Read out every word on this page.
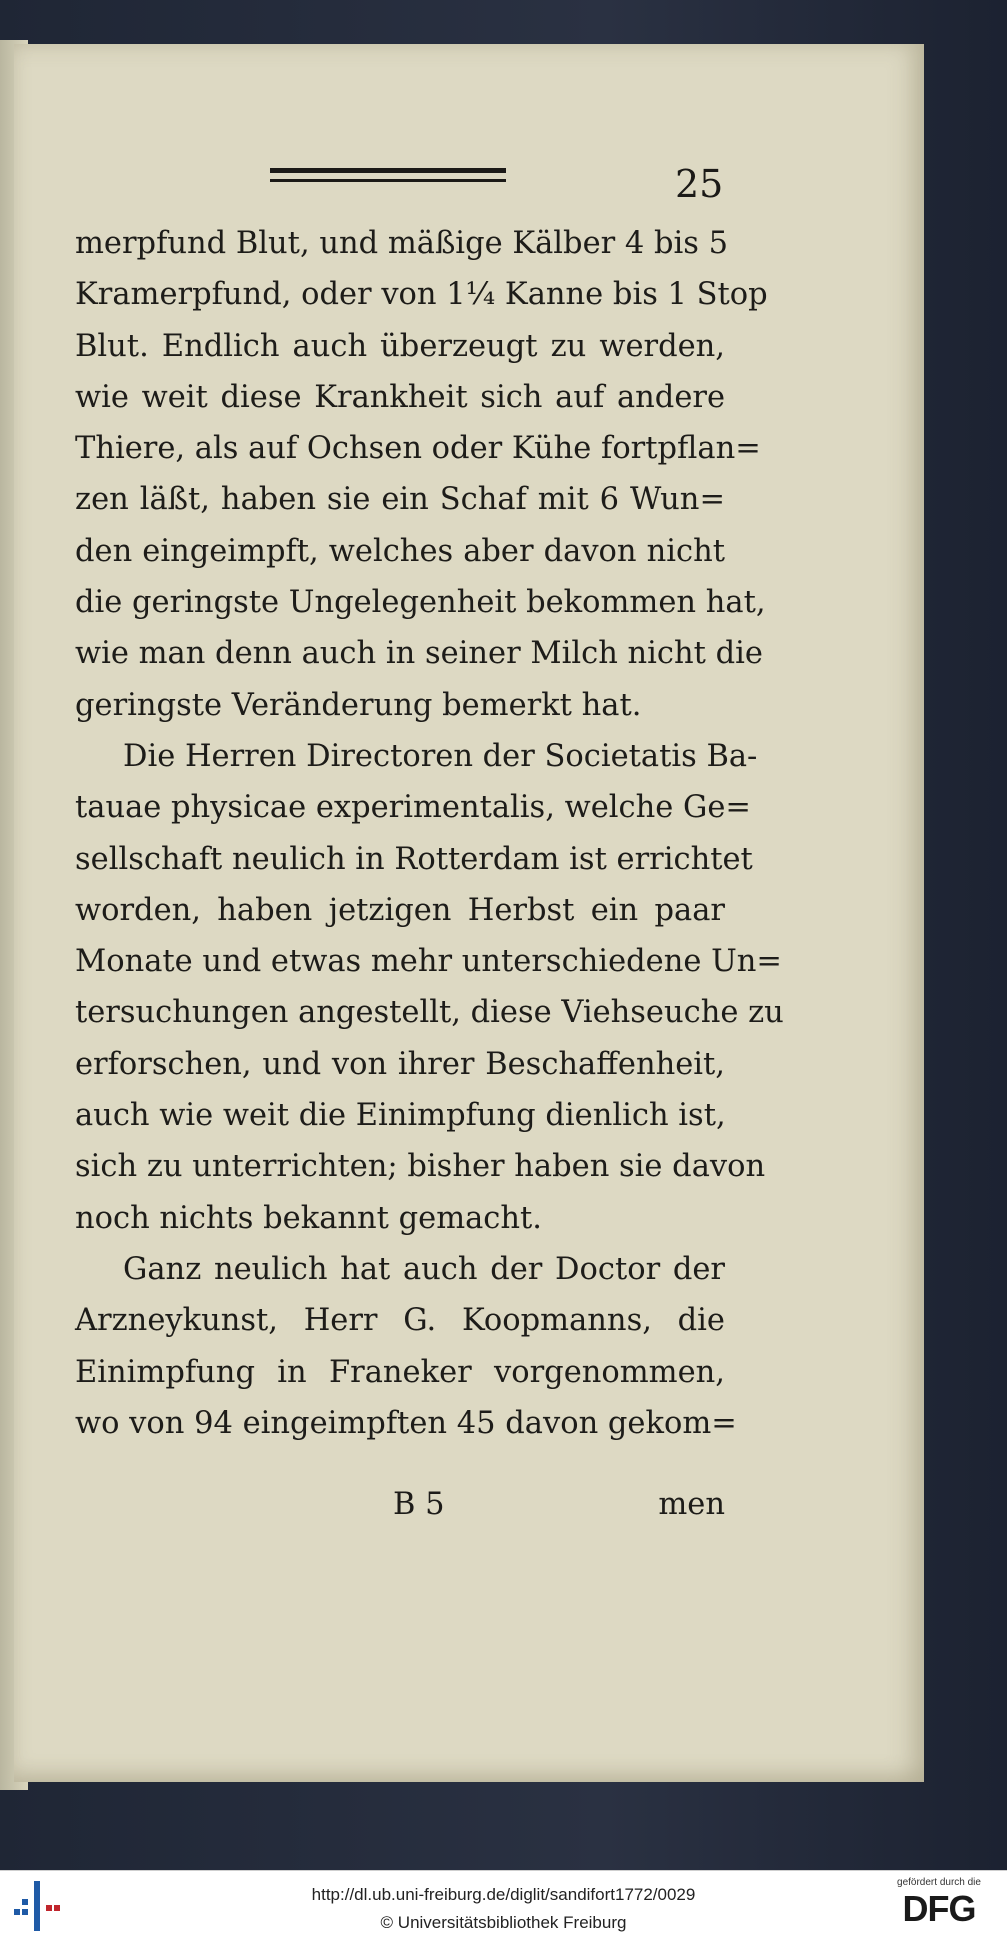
25
merpfund Blut, und mäßige Kälber 4 bis 5
Kramerpfund, oder von 1¼ Kanne bis 1 Stop
Blut. Endlich auch überzeugt zu werden,
wie weit diese Krankheit sich auf andere
Thiere, als auf Ochsen oder Kühe fortpflan=
zen läßt, haben sie ein Schaf mit 6 Wun=
den eingeimpft, welches aber davon nicht
die geringste Ungelegenheit bekommen hat,
wie man denn auch in seiner Milch nicht die
geringste Veränderung bemerkt hat.
Die Herren Directoren der Societatis Ba-
tauae physicae experimentalis, welche Ge=
sellschaft neulich in Rotterdam ist errichtet
worden, haben jetzigen Herbst ein paar
Monate und etwas mehr unterschiedene Un=
tersuchungen angestellt, diese Viehseuche zu
erforschen, und von ihrer Beschaffenheit,
auch wie weit die Einimpfung dienlich ist,
sich zu unterrichten; bisher haben sie davon
noch nichts bekannt gemacht.
Ganz neulich hat auch der Doctor der
Arzneykunst, Herr G. Koopmanns, die
Einimpfung in Franeker vorgenommen,
wo von 94 eingeimpften 45 davon gekom=
B 5	men
http://dl.ub.uni-freiburg.de/diglit/sandifort1772/0029
© Universitätsbibliothek Freiburg
gefördert durch die
DFG
